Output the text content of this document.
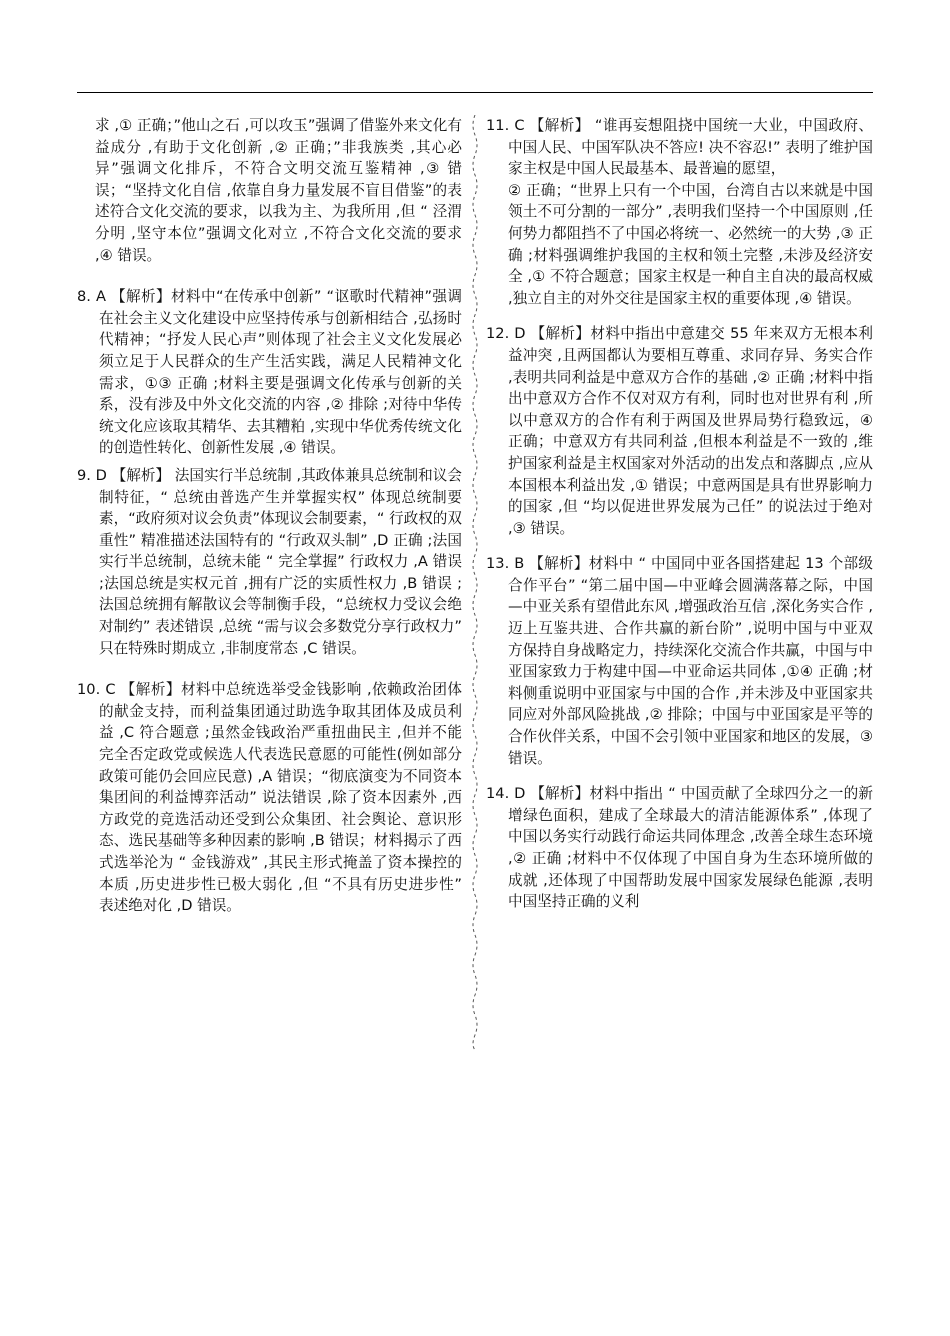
求 ,① 正确；”他山之石 ,可以攻玉”强调了借鉴外来文化有益成分 ,有助于文化创新 ,② 正确；”非我族类 ,其心必异”强调文化排斥，不符合文明交流互鉴精神 ,③ 错误；“坚持文化自信 ,依靠自身力量发展不盲目借鉴”的表述符合文化交流的要求，以我为主、为我所用 ,但 “ 泾渭分明 ,坚守本位”强调文化对立 ,不符合文化交流的要求 ,④ 错误。

8. A 【解析】材料中“在传承中创新” “讴歌时代精神”强调在社会主义文化建设中应坚持传承与创新相结合 ,弘扬时代精神；“抒发人民心声”则体现了社会主义文化发展必须立足于人民群众的生产生活实践，满足人民精神文化需求，①③ 正确 ;材料主要是强调文化传承与创新的关系，没有涉及中外文化交流的内容 ,② 排除 ;对待中华传统文化应该取其精华、去其糟粕 ,实现中华优秀传统文化的创造性转化、创新性发展 ,④ 错误。

9. D 【解析】 法国实行半总统制 ,其政体兼具总统制和议会制特征，“ 总统由普选产生并掌握实权” 体现总统制要素，“政府须对议会负责”体现议会制要素，“ 行政权的双重性” 精准描述法国特有的 “行政双头制” ,D 正确 ;法国实行半总统制，总统未能 “ 完全掌握” 行政权力 ,A 错误 ;法国总统是实权元首 ,拥有广泛的实质性权力 ,B 错误 ;法国总统拥有解散议会等制衡手段，“总统权力受议会绝对制约” 表述错误 ,总统 “需与议会多数党分享行政权力” 只在特殊时期成立 ,非制度常态 ,C 错误。

10. C 【解析】材料中总统选举受金钱影响 ,依赖政治团体的献金支持，而利益集团通过助选争取其团体及成员利益 ,C 符合题意 ;虽然金钱政治严重扭曲民主 ,但并不能完全否定政党或候选人代表选民意愿的可能性(例如部分政策可能仍会回应民意) ,A 错误；“彻底演变为不同资本集团间的利益博弈活动” 说法错误 ,除了资本因素外 ,西方政党的竞选活动还受到公众集团、社会舆论、意识形态、选民基础等多种因素的影响 ,B 错误；材料揭示了西式选举沦为 “ 金钱游戏” ,其民主形式掩盖了资本操控的本质 ,历史进步性已极大弱化 ,但 “不具有历史进步性” 表述绝对化 ,D 错误。

11. C 【解析】 “谁再妄想阻挠中国统一大业，中国政府、中国人民、中国军队决不答应! 决不容忍!” 表明了维护国家主权是中国人民最基本、最普遍的愿望，

② 正确；“世界上只有一个中国，台湾自古以来就是中国领土不可分割的一部分” ,表明我们坚持一个中国原则 ,任何势力都阻挡不了中国必将统一、必然统一的大势 ,③ 正确 ;材料强调维护我国的主权和领土完整 ,未涉及经济安全 ,① 不符合题意；国家主权是一种自主自决的最高权威 ,独立自主的对外交往是国家主权的重要体现 ,④ 错误。

12. D 【解析】材料中指出中意建交 55 年来双方无根本利益冲突 ,且两国都认为要相互尊重、求同存异、务实合作 ,表明共同利益是中意双方合作的基础 ,② 正确 ;材料中指出中意双方合作不仅对双方有利，同时也对世界有利 ,所以中意双方的合作有利于两国及世界局势行稳致远，④ 正确；中意双方有共同利益 ,但根本利益是不一致的 ,维护国家利益是主权国家对外活动的出发点和落脚点 ,应从本国根本利益出发 ,① 错误；中意两国是具有世界影响力的国家 ,但 “均以促进世界发展为己任” 的说法过于绝对 ,③ 错误。

13. B 【解析】材料中 “ 中国同中亚各国搭建起 13 个部级合作平台” “第二届中国—中亚峰会圆满落幕之际，中国—中亚关系有望借此东风 ,增强政治互信 ,深化务实合作 ,迈上互鉴共进、合作共赢的新台阶” ,说明中国与中亚双方保持自身战略定力，持续深化交流合作共赢，中国与中亚国家致力于构建中国—中亚命运共同体 ,①④ 正确 ;材料侧重说明中亚国家与中国的合作 ,并未涉及中亚国家共同应对外部风险挑战 ,② 排除；中国与中亚国家是平等的合作伙伴关系，中国不会引领中亚国家和地区的发展，③ 错误。

14. D 【解析】材料中指出 “ 中国贡献了全球四分之一的新增绿色面积，建成了全球最大的清洁能源体系” ,体现了中国以务实行动践行命运共同体理念 ,改善全球生态环境 ,② 正确 ;材料中不仅体现了中国自身为生态环境所做的成就 ,还体现了中国帮助发展中国家发展绿色能源 ,表明中国坚持正确的义利
